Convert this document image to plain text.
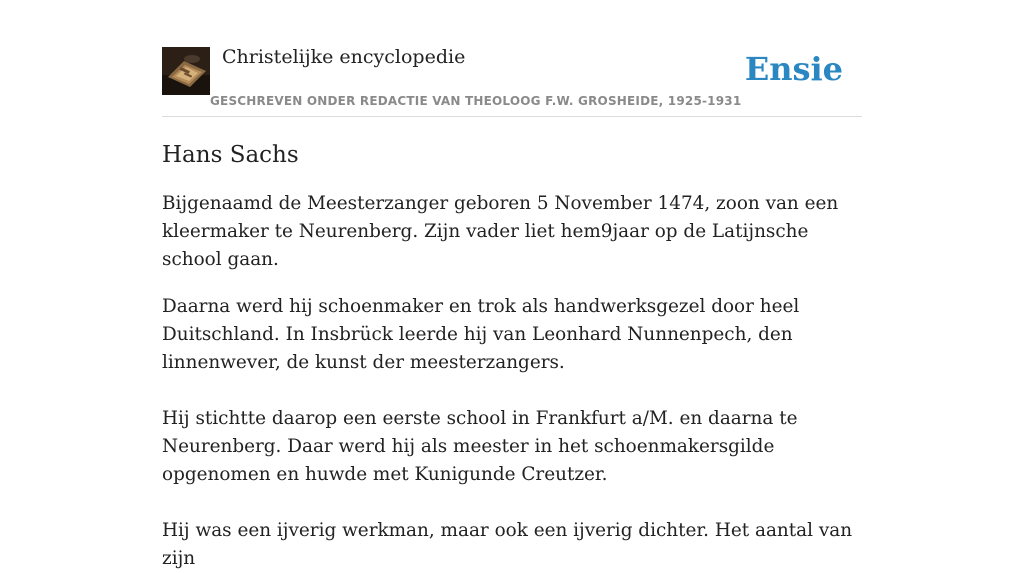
Christelijke encyclopedie
GESCHREVEN ONDER REDACTIE VAN THEOLOOG F.W. GROSHEIDE, 1925-1931
Ensie
Hans Sachs

Bijgenaamd de Meesterzanger geboren 5 November 1474, zoon van een kleermaker te Neurenberg. Zijn vader liet hem9jaar op de Latijnsche school gaan.

Daarna werd hij schoenmaker en trok als handwerksgezel door heel Duitschland. In Insbrück leerde hij van Leonhard Nunnenpech, den linnenwever, de kunst der meesterzangers.

Hij stichtte daarop een eerste school in Frankfurt a/M. en daarna te Neurenberg. Daar werd hij als meester in het schoenmakersgilde opgenomen en huwde met Kunigunde Creutzer.

Hij was een ijverig werkman, maar ook een ijverig dichter. Het aantal van zijn
